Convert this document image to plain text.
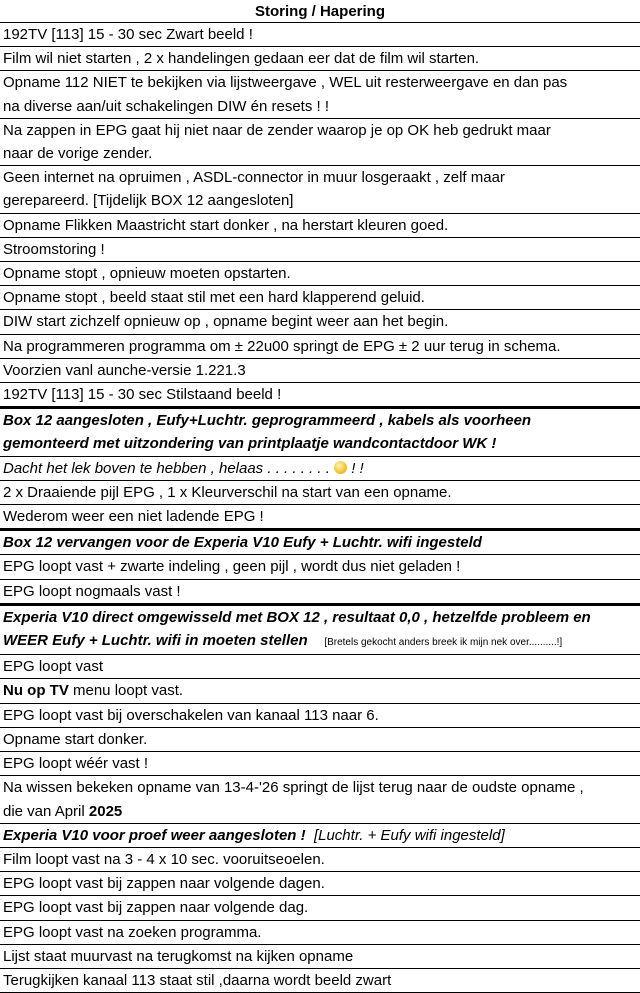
Storing / Hapering
192TV [113] 15 - 30 sec Zwart beeld !
Film wil niet starten , 2 x handelingen gedaan eer dat de film wil starten.
Opname 112 NIET te bekijken via lijstweergave , WEL uit resterweergave en dan pas
na diverse aan/uit schakelingen DIW én resets ! !
Na zappen in EPG gaat hij niet naar de zender waarop je op OK heb gedrukt maar
naar de vorige zender.
Geen internet na opruimen , ASDL-connector in muur losgeraakt , zelf maar
gerepareerd. [Tijdelijk BOX 12 aangesloten]
Opname Flikken Maastricht start donker , na herstart kleuren goed.
Stroomstoring !
Opname stopt , opnieuw moeten opstarten.
Opname stopt , beeld staat stil met een hard klapperend geluid.
DIW start zichzelf opnieuw op , opname begint weer aan het begin.
Na programmeren programma om ± 22u00 springt de EPG ± 2 uur terug in schema.
Voorzien vanl aunche-versie 1.221.3
192TV [113] 15 - 30 sec Stilstaand beeld !
Box 12 aangesloten , Eufy+Luchtr. geprogrammeerd , kabels als voorheen
gemonteerd met uitzondering van printplaatje wandcontactdoor WK !
Dacht het lek boven te hebben , helaas . . . . . . . . ! !
2 x Draaiende pijl EPG , 1 x Kleurverschil na start van een opname.
Wederom weer een niet ladende EPG !
Box 12 vervangen voor de Experia V10 Eufy + Luchtr. wifi ingesteld
EPG loopt vast + zwarte indeling , geen pijl , wordt dus niet geladen !
EPG loopt nogmaals vast !
Experia V10 direct omgewisseld met BOX 12 , resultaat 0,0 , hetzelfde probleem en
WEER Eufy + Luchtr. wifi in moeten stellen [Bretels gekocht anders breek ik mijn nek over..........!]
EPG loopt vast
Nu op TV menu loopt vast.
EPG loopt vast bij overschakelen van kanaal 113 naar 6.
Opname start donker.
EPG loopt wéér vast !
Na wissen bekeken opname van 13-4-'26 springt de lijst terug naar de oudste opname ,
die van April 2025
Experia V10 voor proef weer aangesloten ! [Luchtr. + Eufy wifi ingesteld]
Film loopt vast na 3 - 4 x 10 sec. vooruitseoelen.
EPG loopt vast bij zappen naar volgende dagen.
EPG loopt vast bij zappen naar volgende dag.
EPG loopt vast na zoeken programma.
Lijst staat muurvast na terugkomst na kijken opname
Terugkijken kanaal 113 staat stil ,daarna wordt beeld zwart
